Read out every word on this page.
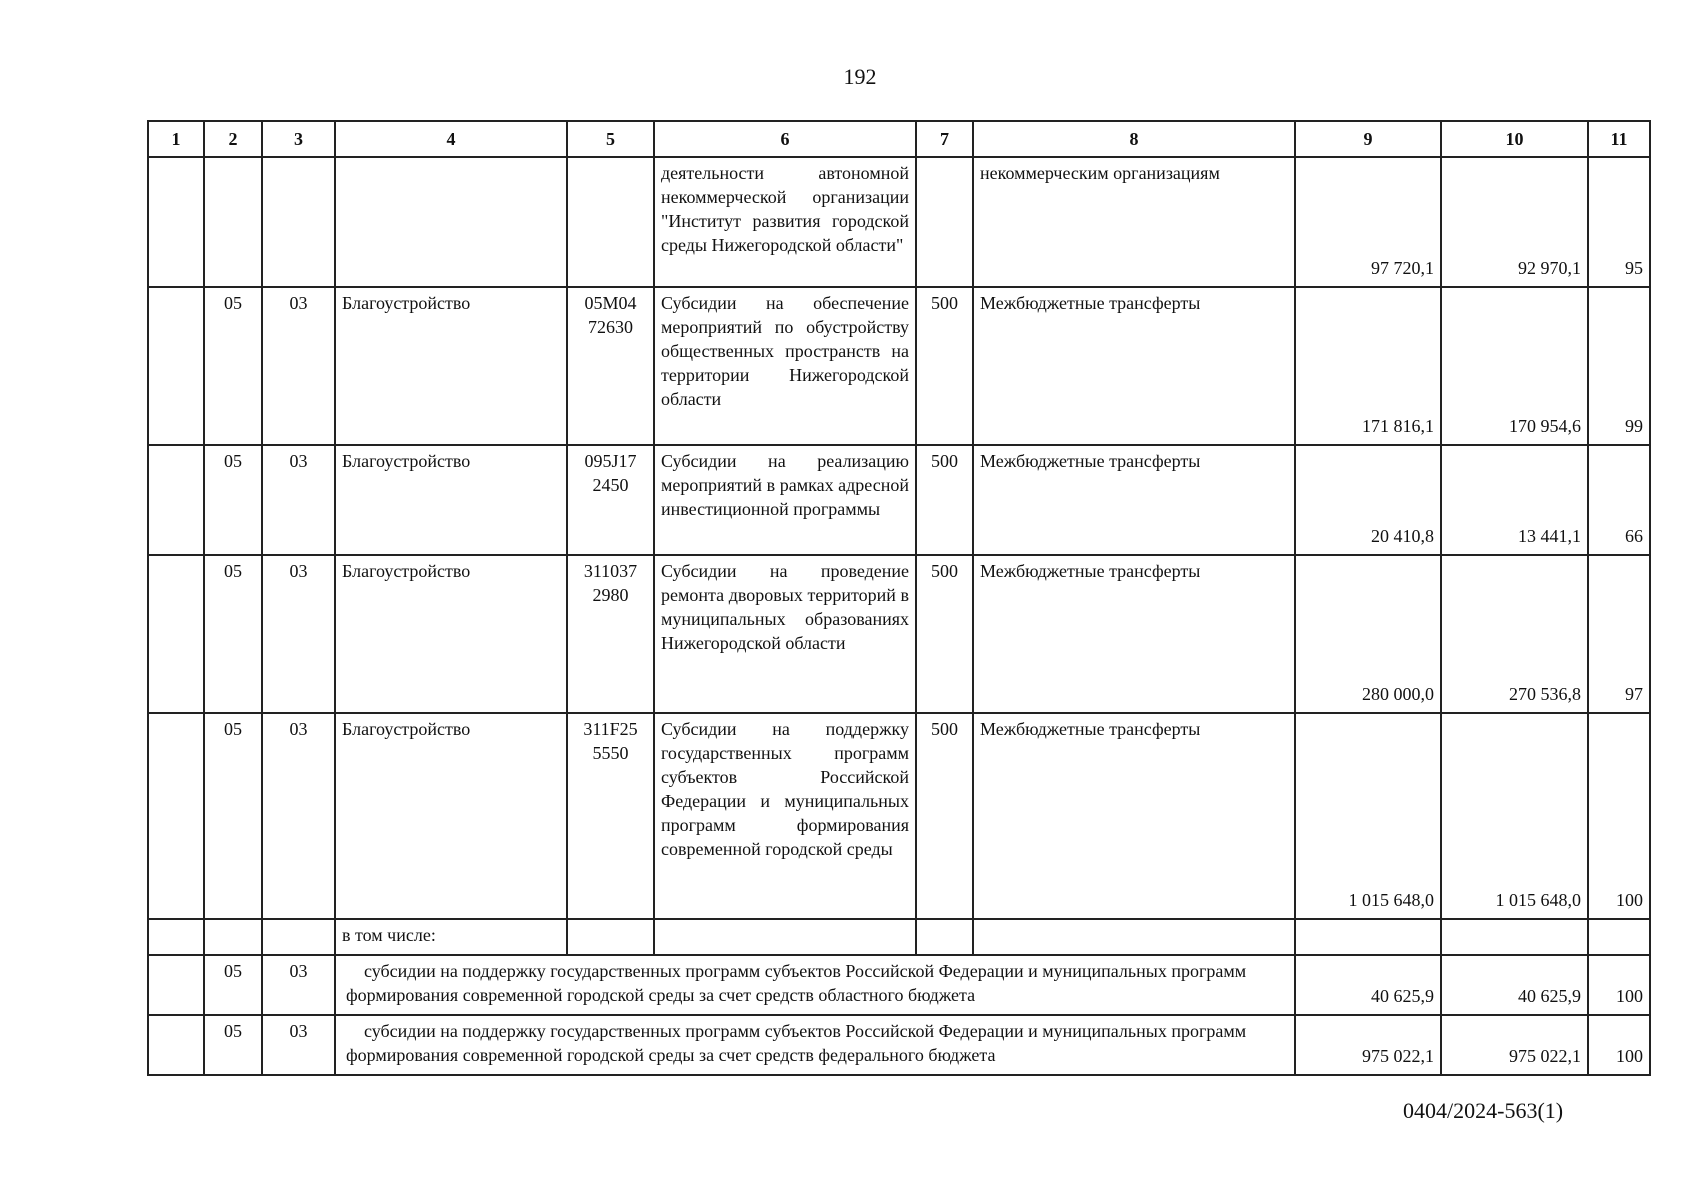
192
1	2	3	4	5	6	7	8	9	10	11
					деятельности автономной некоммерческой организации "Институт развития городской среды Нижегородской области"		некоммерческим организациям	97 720,1	92 970,1	95
	05	03	Благоустройство	05М04 72630	Субсидии на обеспечение мероприятий по обустройству общественных пространств на территории Нижегородской области	500	Межбюджетные трансферты	171 816,1	170 954,6	99
	05	03	Благоустройство	095J17 2450	Субсидии на реализацию мероприятий в рамках адресной инвестиционной программы	500	Межбюджетные трансферты	20 410,8	13 441,1	66
	05	03	Благоустройство	311037 2980	Субсидии на проведение ремонта дворовых территорий в муниципальных образованиях Нижегородской области	500	Межбюджетные трансферты	280 000,0	270 536,8	97
	05	03	Благоустройство	311F25 5550	Субсидии на поддержку государственных программ субъектов Российской Федерации и муниципальных программ формирования современной городской среды	500	Межбюджетные трансферты	1 015 648,0	1 015 648,0	100
			в том числе:							
	05	03	субсидии на поддержку государственных программ субъектов Российской Федерации и муниципальных программ формирования современной городской среды за счет средств областного бюджета					40 625,9	40 625,9	100
	05	03	субсидии на поддержку государственных программ субъектов Российской Федерации и муниципальных программ формирования современной городской среды за счет средств федерального бюджета					975 022,1	975 022,1	100
0404/2024-563(1)
